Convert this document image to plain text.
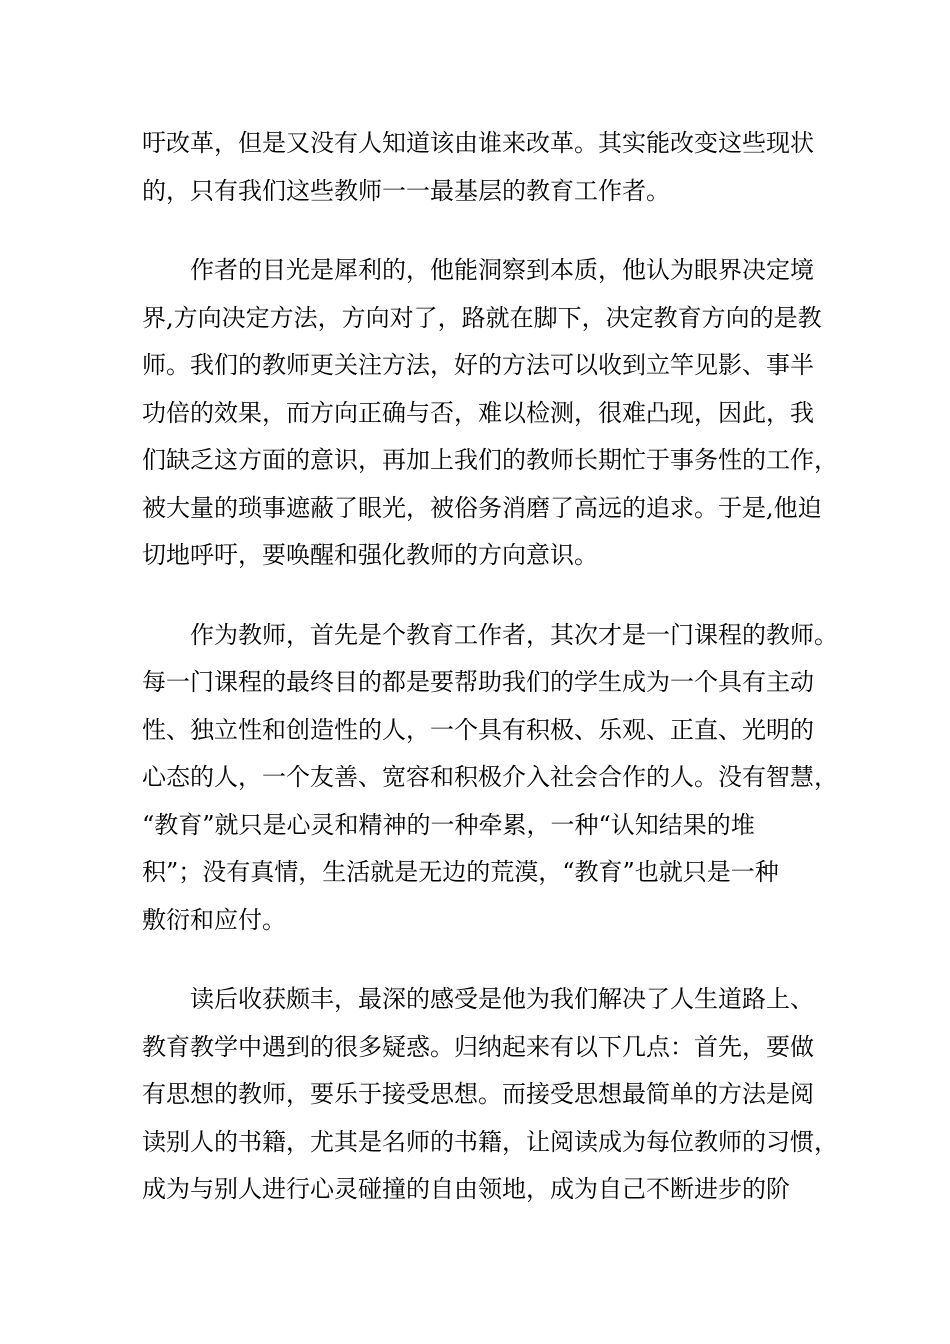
吁改革，但是又没有人知道该由谁来改革。其实能改变这些现状
的，只有我们这些教师一一最基层的教育工作者。
作者的目光是犀利的，他能洞察到本质，他认为眼界决定境
界,方向决定方法，方向对了，路就在脚下，决定教育方向的是教
师。我们的教师更关注方法，好的方法可以收到立竿见影、事半
功倍的效果，而方向正确与否，难以检测，很难凸现，因此，我
们缺乏这方面的意识，再加上我们的教师长期忙于事务性的工作，
被大量的琐事遮蔽了眼光，被俗务消磨了高远的追求。于是,他迫
切地呼吁，要唤醒和强化教师的方向意识。
作为教师，首先是个教育工作者，其次才是一门课程的教师。
每一门课程的最终目的都是要帮助我们的学生成为一个具有主动
性、独立性和创造性的人，一个具有积极、乐观、正直、光明的
心态的人，一个友善、宽容和积极介入社会合作的人。没有智慧，
“教育”就只是心灵和精神的一种牵累，一种“认知结果的堆
积”；没有真情，生活就是无边的荒漠，“教育”也就只是一种
敷衍和应付。
读后收获颇丰，最深的感受是他为我们解决了人生道路上、
教育教学中遇到的很多疑惑。归纳起来有以下几点：首先，要做
有思想的教师，要乐于接受思想。而接受思想最简单的方法是阅
读别人的书籍，尤其是名师的书籍，让阅读成为每位教师的习惯，
成为与别人进行心灵碰撞的自由领地，成为自己不断进步的阶
